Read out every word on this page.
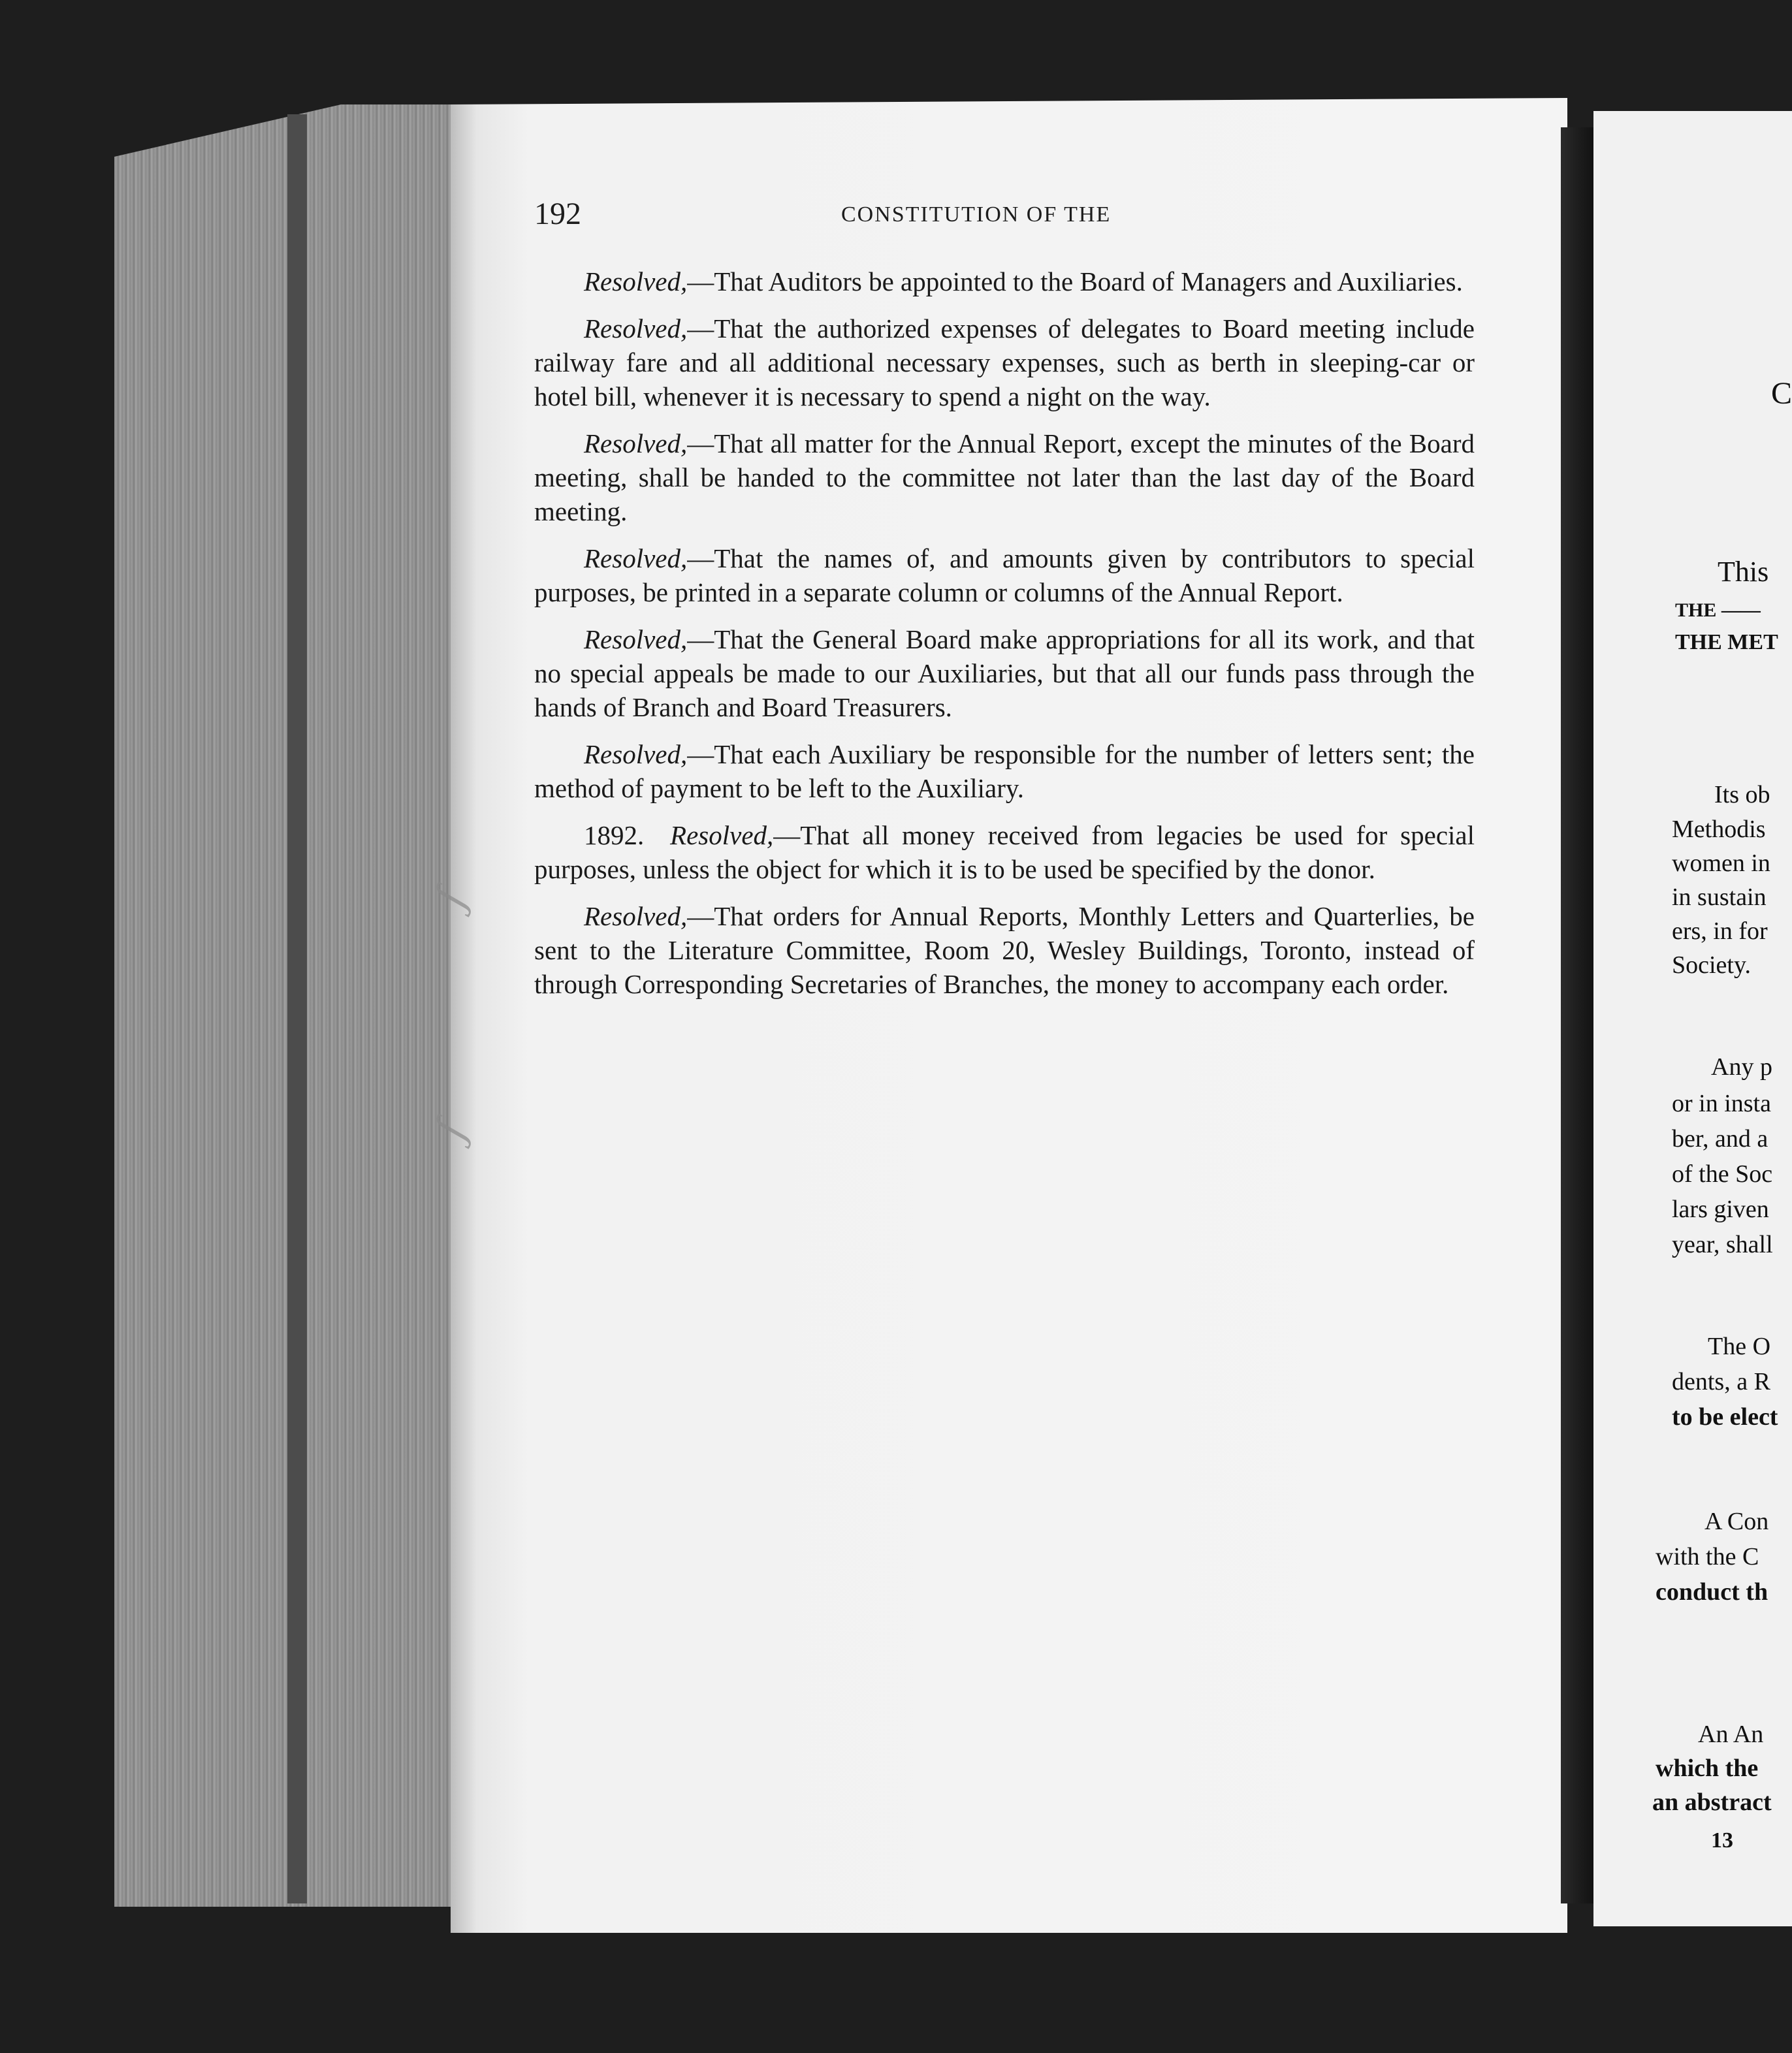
192	CONSTITUTION OF THE

Resolved,—That Auditors be appointed to the Board of Managers and Auxiliaries.

Resolved,—That the authorized expenses of delegates to Board meeting include railway fare and all additional necessary expenses, such as berth in sleeping-car or hotel bill, whenever it is necessary to spend a night on the way.

Resolved,—That all matter for the Annual Report, except the minutes of the Board meeting, shall be handed to the committee not later than the last day of the Board meeting.

Resolved,—That the names of, and amounts given by contributors to special purposes, be printed in a separate column or columns of the Annual Report.

Resolved,—That the General Board make appropriations for all its work, and that no special appeals be made to our Auxiliaries, but that all our funds pass through the hands of Branch and Board Treasurers.

Resolved,—That each Auxiliary be responsible for the number of letters sent; the method of payment to be left to the Auxiliary.

1892. Resolved,—That all money received from legacies be used for special purposes, unless the object for which it is to be used be specified by the donor.

Resolved,—That orders for Annual Reports, Monthly Letters and Quarterlies, be sent to the Literature Committee, Room 20, Wesley Buildings, Toronto, instead of through Corresponding Secretaries of Branches, the money to accompany each order.

ʃ
ʃ
C
This
THE ——
THE MET
Its ob
Methodis
women in
in sustain
ers, in for
Society.
Any p
or in insta
ber, and a
of the Soc
lars given
year, shall
The O
dents, a R
to be elect
A Con
with the C
conduct th
An An
which the
an abstract
13
